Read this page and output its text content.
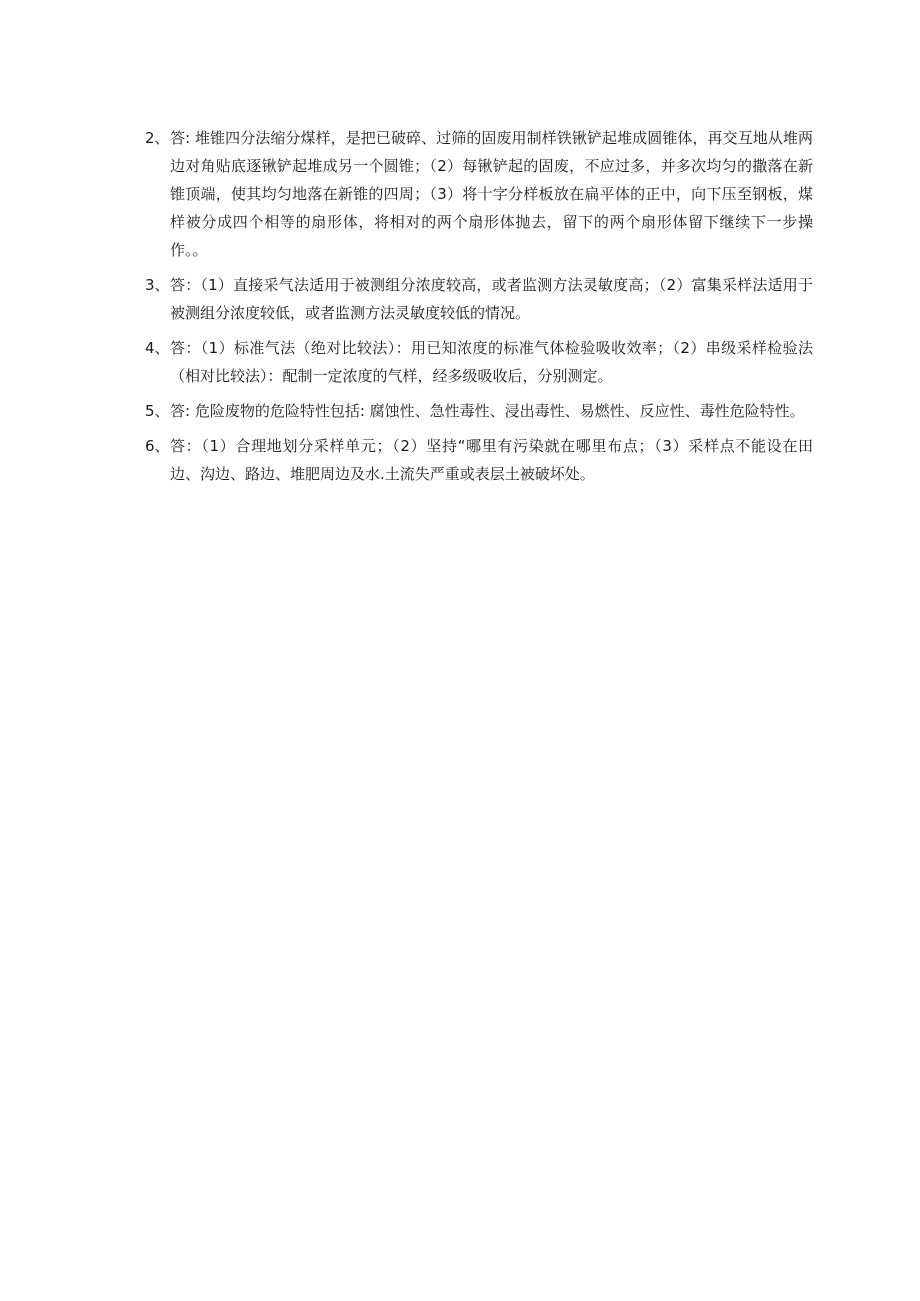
2、 答: 堆锥四分法缩分煤样，是把已破碎、过筛的固废用制样铁锹铲起堆成圆锥体，再交互地从堆两边对角贴底逐锹铲起堆成另一个圆锥；（2）每锹铲起的固废，不应过多，并多次均匀的撒落在新锥顶端，使其均匀地落在新锥的四周；（3）将十字分样板放在扁平体的正中，向下压至钢板，煤样被分成四个相等的扇形体，将相对的两个扇形体抛去，留下的两个扇形体留下继续下一步操作。。
3、 答：（1）直接采气法适用于被测组分浓度较高，或者监测方法灵敏度高；（2）富集采样法适用于被测组分浓度较低，或者监测方法灵敏度较低的情况。
4、 答：（1）标准气法（绝对比较法）：用已知浓度的标准气体检验吸收效率；（2）串级采样检验法（相对比较法）：配制一定浓度的气样，经多级吸收后，分别测定。
5、 答: 危险废物的危险特性包括: 腐蚀性、急性毒性、浸出毒性、易燃性、反应性、毒性危险特性。
6、 答：（1）合理地划分采样单元；（2）坚持“哪里有污染就在哪里布点；（3）采样点不能设在田边、沟边、路边、堆肥周边及水.土流失严重或表层土被破坏处。
